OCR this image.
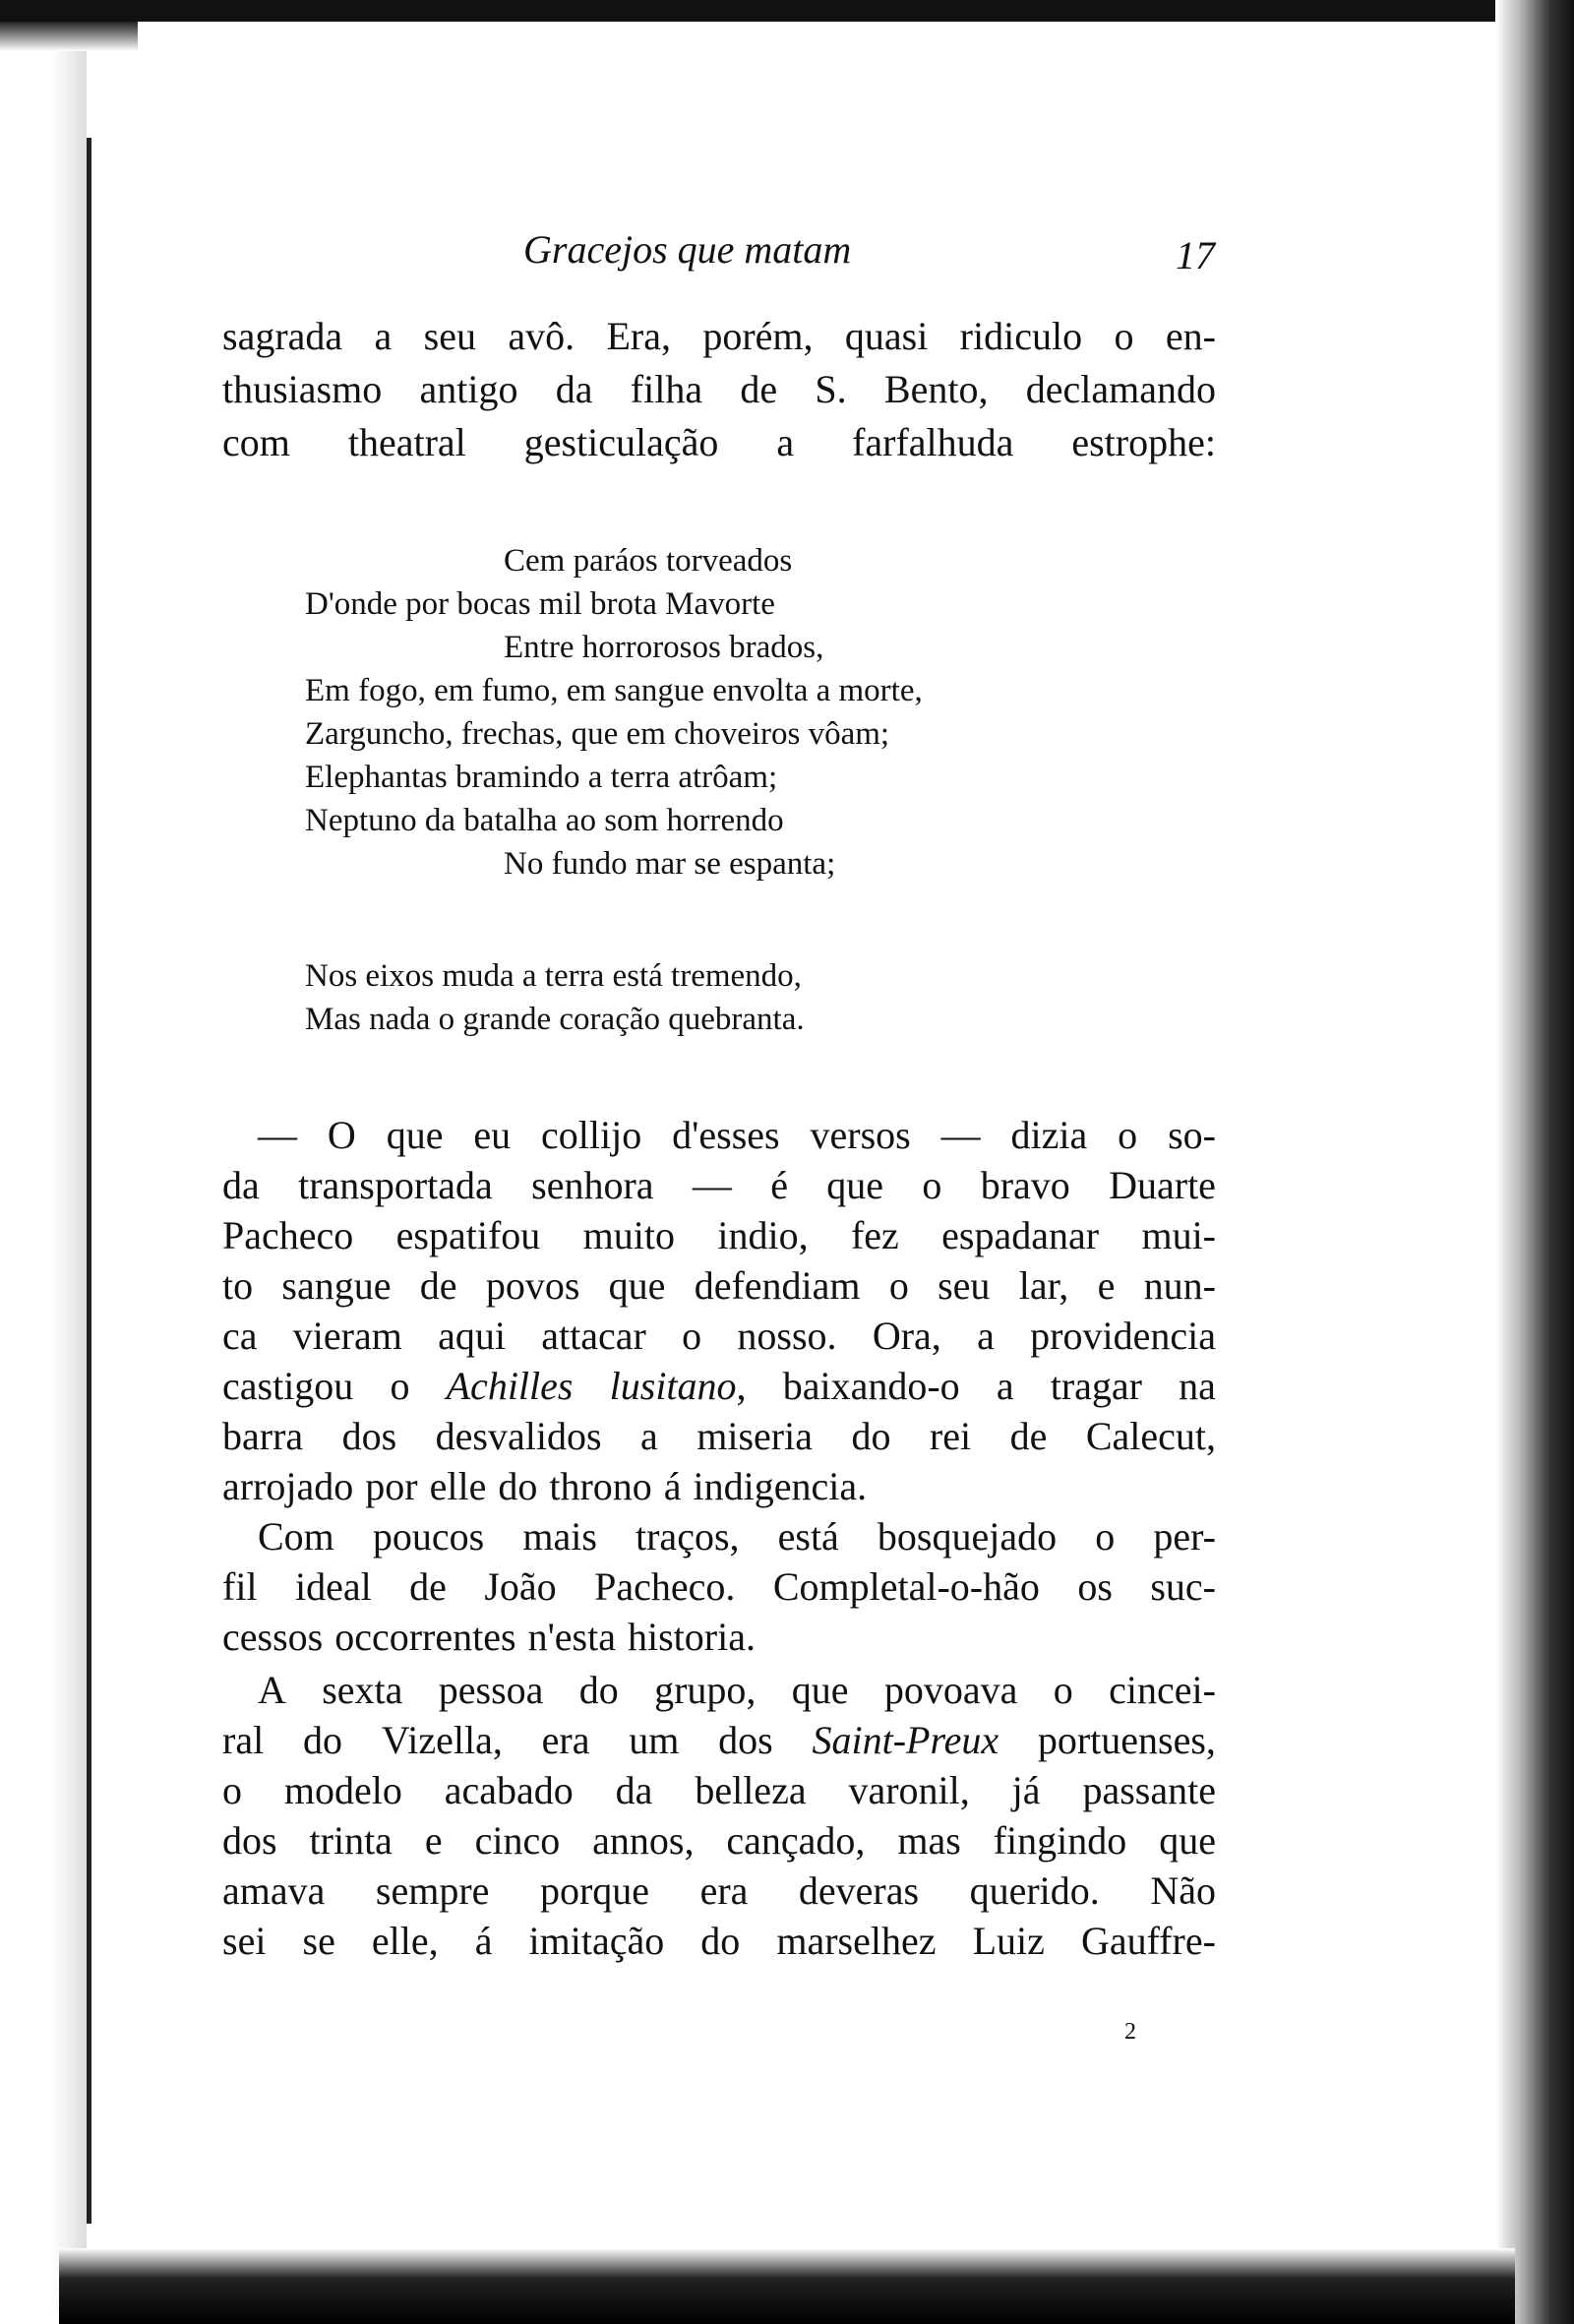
Gracejos que matam	17
sagrada a seu avô. Era, porém, quasi ridiculo o en-
thusiasmo antigo da filha de S. Bento, declamando
com theatral gesticulação a farfalhuda estrophe:
Cem paráos torveados
D'onde por bocas mil brota Mavorte
Entre horrorosos brados,
Em fogo, em fumo, em sangue envolta a morte,
Zarguncho, frechas, que em choveiros vôam;
Elephantas bramindo a terra atrôam;
Neptuno da batalha ao som horrendo
No fundo mar se espanta;
Nos eixos muda a terra está tremendo,
Mas nada o grande coração quebranta.
— O que eu collijo d'esses versos — dizia o so-
da transportada senhora — é que o bravo Duarte
Pacheco espatifou muito indio, fez espadanar mui-
to sangue de povos que defendiam o seu lar, e nun-
ca vieram aqui attacar o nosso. Ora, a providencia
castigou o Achilles lusitano, baixando-o a tragar na
barra dos desvalidos a miseria do rei de Calecut,
arrojado por elle do throno á indigencia.
Com poucos mais traços, está bosquejado o per-
fil ideal de João Pacheco. Completal-o-hão os suc-
cessos occorrentes n'esta historia.
A sexta pessoa do grupo, que povoava o cincei-
ral do Vizella, era um dos Saint-Preux portuenses,
o modelo acabado da belleza varonil, já passante
dos trinta e cinco annos, cançado, mas fingindo que
amava sempre porque era deveras querido. Não
sei se elle, á imitação do marselhez Luiz Gauffre-
2
